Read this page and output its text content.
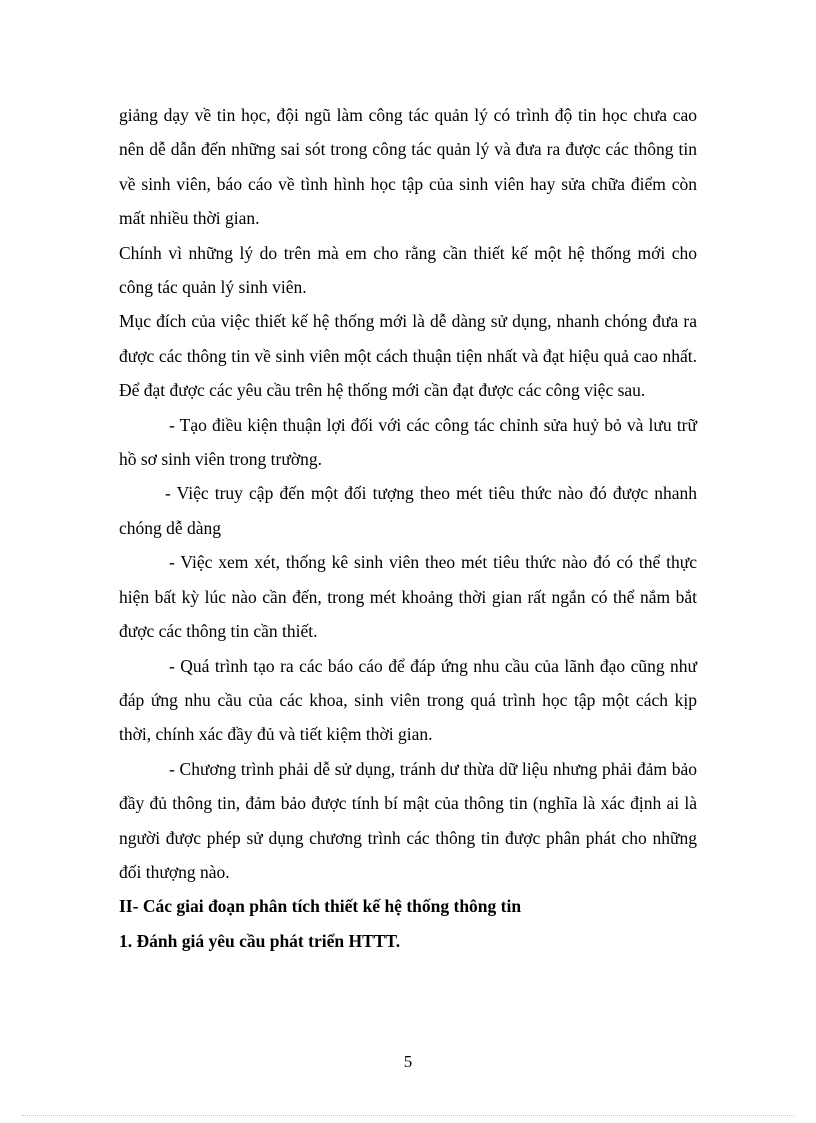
giảng dạy về tin học, đội ngũ làm công tác quản lý có trình độ tin học chưa cao nên dễ dẫn đến những sai sót trong công tác quản lý và đưa ra được các thông tin về sinh viên, báo cáo về tình hình học tập của sinh viên hay sửa chữa điểm còn mất nhiều thời gian.

Chính vì những lý do trên mà em cho rằng cần thiết kế một hệ thống mới cho công tác quản lý sinh viên.

Mục đích của việc thiết kế hệ thống mới là dễ dàng sử dụng, nhanh chóng đưa ra được các thông tin về sinh viên một cách thuận tiện nhất và đạt hiệu quả cao nhất. Để đạt được các yêu cầu trên hệ thống mới cần đạt được các công việc sau.

- Tạo điều kiện thuận lợi đối với các công tác chỉnh sửa huỷ bỏ và lưu trữ hồ sơ sinh viên trong trường.

- Việc truy cập đến một đối tượng theo mét tiêu thức nào đó được nhanh chóng dễ dàng

- Việc xem xét, thống kê sinh viên theo mét tiêu thức nào đó có thể thực hiện bất kỳ lúc nào cần đến, trong mét khoảng thời gian rất ngắn có thể nắm bắt được các thông tin cần thiết.

- Quá trình tạo ra các báo cáo để đáp ứng nhu cầu của lãnh đạo cũng như đáp ứng nhu cầu của các khoa, sinh viên trong quá trình học tập một cách kịp thời, chính xác đầy đủ và tiết kiệm thời gian.

- Chương trình phải dễ sử dụng, tránh dư thừa dữ liệu nhưng phải đảm bảo đầy đủ thông tin, đảm bảo được tính bí mật của thông tin (nghĩa là xác định ai là người được phép sử dụng chương trình các thông tin được phân phát cho những đối thượng nào.

II- Các giai đoạn phân tích thiết kế hệ thống thông tin

1. Đánh giá yêu cầu phát triển HTTT.

5
